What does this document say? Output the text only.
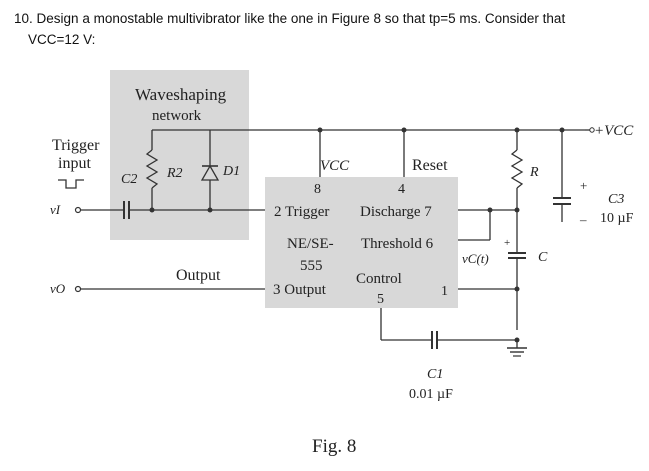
10. Design a monostable multivibrator like the one in Figure 8 so that tp=5 ms. Consider that
VCC=12 V:
8	4
Waveshaping
network
Trigger
input
vI
vO
C2 R2	D1
Output
VCC	Reset
2 Trigger Discharge 7
NE/SE-
555
Threshold 6
3 Output
Control
5
1
R
C
vC(t)
+
+VCC
+
–
C3
10 µF
C1
0.01 µF
Fig. 8
